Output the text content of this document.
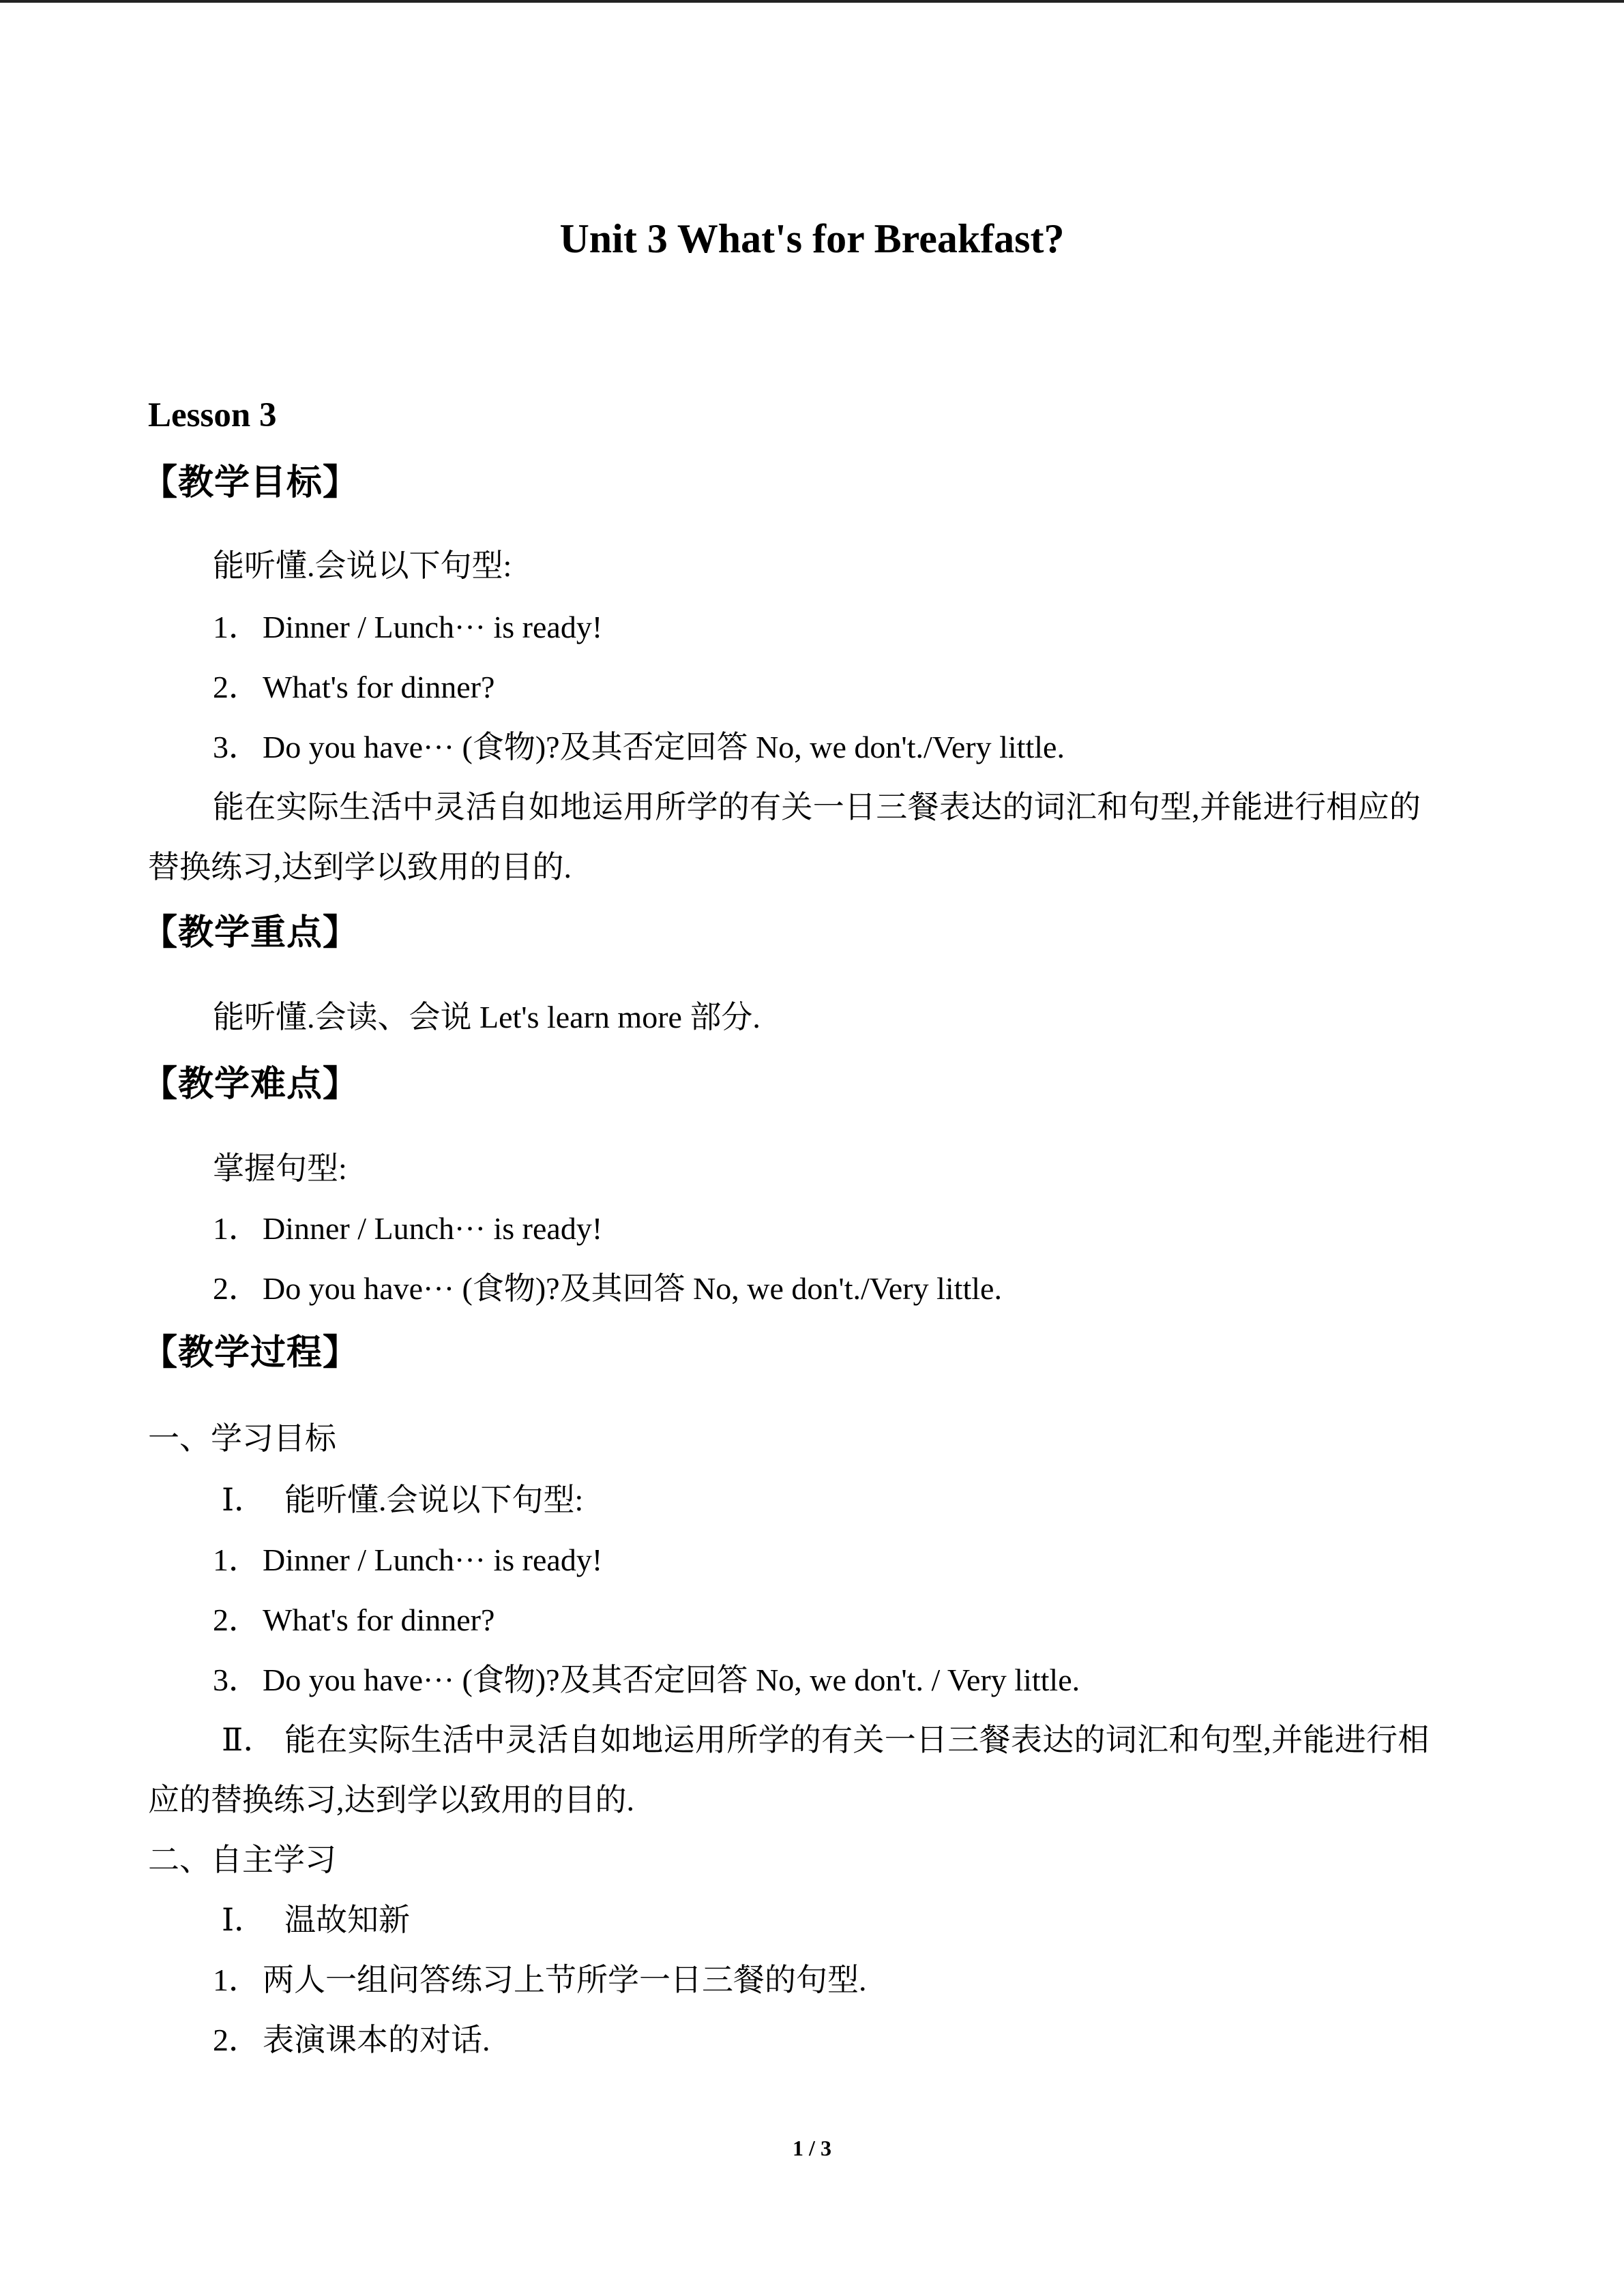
Unit 3 What's for Breakfast?
Lesson 3
【教学目标】
能听懂.会说以下句型:
1．Dinner / Lunch··· is ready!
2．What's for dinner?
3．Do you have··· (食物)?及其否定回答 No, we don't./Very little.
能在实际生活中灵活自如地运用所学的有关一日三餐表达的词汇和句型,并能进行相应的
替换练习,达到学以致用的目的.
【教学重点】
能听懂.会读、会说 Let's learn more 部分.
【教学难点】
掌握句型:
1．Dinner / Lunch··· is ready!
2．Do you have··· (食物)?及其回答 No, we don't./Very little.
【教学过程】
一、学习目标
Ⅰ． 能听懂.会说以下句型:
1．Dinner / Lunch··· is ready!
2．What's for dinner?
3．Do you have··· (食物)?及其否定回答 No, we don't. / Very little.
Ⅱ． 能在实际生活中灵活自如地运用所学的有关一日三餐表达的词汇和句型,并能进行相
应的替换练习,达到学以致用的目的.
二、自主学习
Ⅰ． 温故知新
1．两人一组问答练习上节所学一日三餐的句型.
2．表演课本的对话.
1 / 3
